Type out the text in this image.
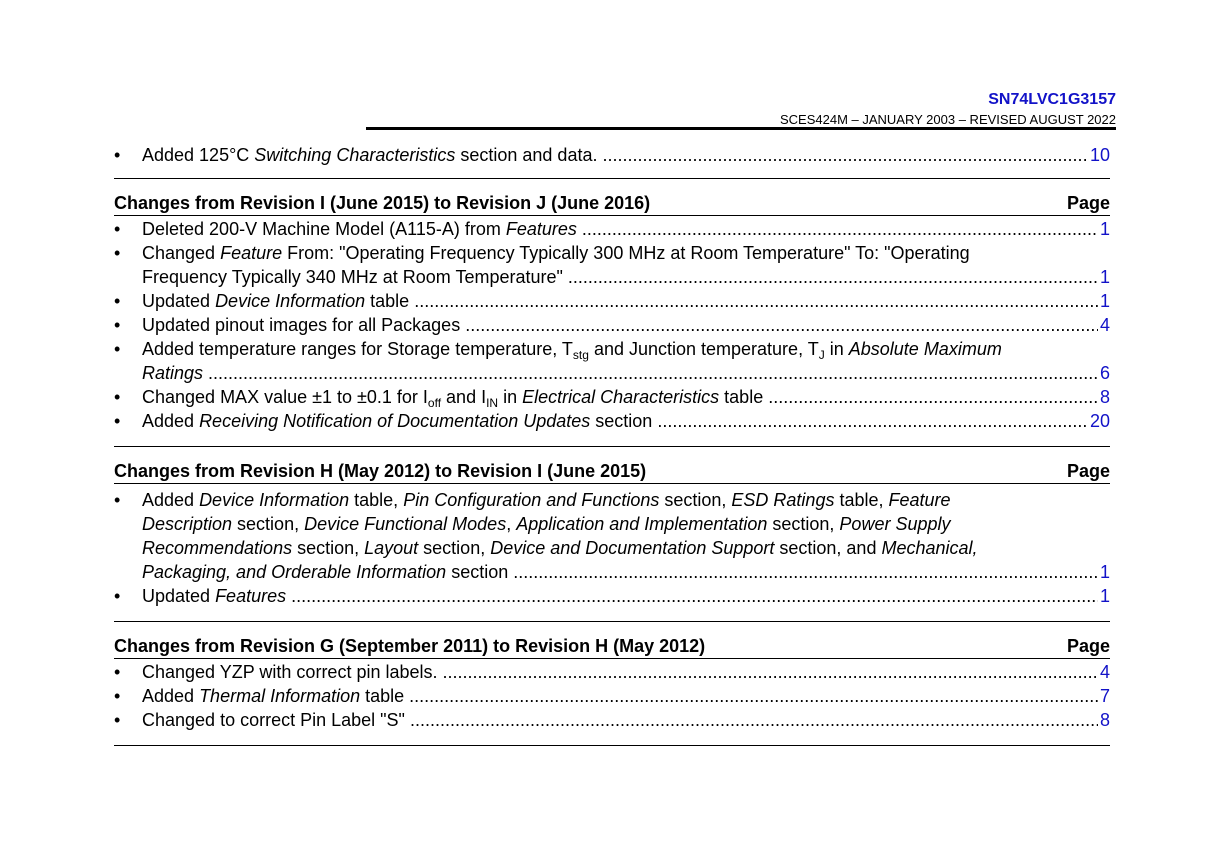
SN74LVC1G3157
SCES424M – JANUARY 2003 – REVISED AUGUST 2022
• Added 125°C Switching Characteristics section and data. .....	10
Changes from Revision I (June 2015) to Revision J (June 2016)	Page
• Deleted 200-V Machine Model (A115-A) from Features .....	1
• Changed Feature From: "Operating Frequency Typically 300 MHz at Room Temperature" To: "Operating
Frequency Typically 340 MHz at Room Temperature" .....	1
• Updated Device Information table .....	1
• Updated pinout images for all Packages .....	4
• Added temperature ranges for Storage temperature, $T_{stg}$ and Junction temperature, $T_J$ in Absolute Maximum
Ratings .....	6
• Changed MAX value ±1 to ±0.1 for $I_{off}$ and $I_{IN}$ in Electrical Characteristics table .....	8
• Added Receiving Notification of Documentation Updates section .....	20
Changes from Revision H (May 2012) to Revision I (June 2015)	Page
• Added Device Information table, Pin Configuration and Functions section, ESD Ratings table, Feature
Description section, Device Functional Modes, Application and Implementation section, Power Supply
Recommendations section, Layout section, Device and Documentation Support section, and Mechanical,
Packaging, and Orderable Information section .....	1
• Updated Features .....	1
Changes from Revision G (September 2011) to Revision H (May 2012)	Page
• Changed YZP with correct pin labels. .....	4
• Added Thermal Information table .....	7
• Changed to correct Pin Label "S" .....	8
